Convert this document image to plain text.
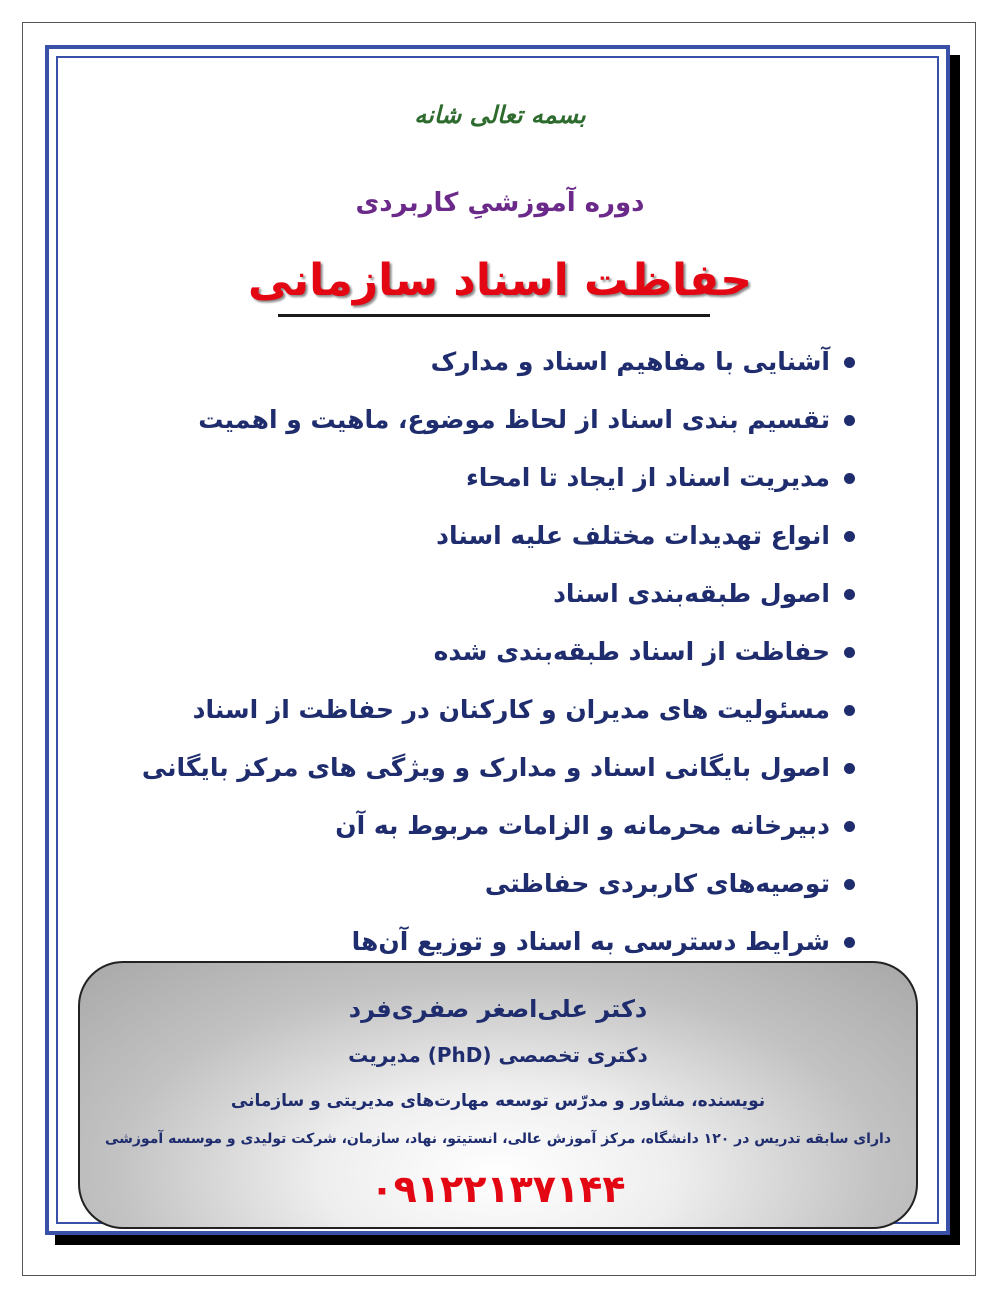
بسمه تعالی شانه
دوره آموزشیِ کاربردی
حفاظت اسناد سازمانی
آشنایی با مفاهیم اسناد و مدارک
تقسیم بندی اسناد از لحاظ موضوع، ماهیت و اهمیت
مدیریت اسناد از ایجاد تا امحاء
انواع تهدیدات مختلف علیه اسناد
اصول طبقه‌بندی اسناد
حفاظت از اسناد طبقه‌بندی شده
مسئولیت های مدیران و کارکنان در حفاظت از اسناد
اصول بایگانی اسناد و مدارک و ویژگی های مرکز بایگانی
دبیرخانه محرمانه و الزامات مربوط به آن
توصیه‌های کاربردی حفاظتی
شرایط دسترسی به اسناد و توزیع آن‌ها
دکتر علی‌اصغر صفری‌فرد
دکتری تخصصی (PhD) مدیریت
نویسنده، مشاور و مدرّس توسعه مهارت‌های مدیریتی و سازمانی
دارای سابقه تدریس در ۱۲۰ دانشگاه، مرکز آموزش عالی، انستیتو، نهاد، سازمان، شرکت تولیدی و موسسه آموزشی
۰۹۱۲۲۱۳۷۱۴۴
